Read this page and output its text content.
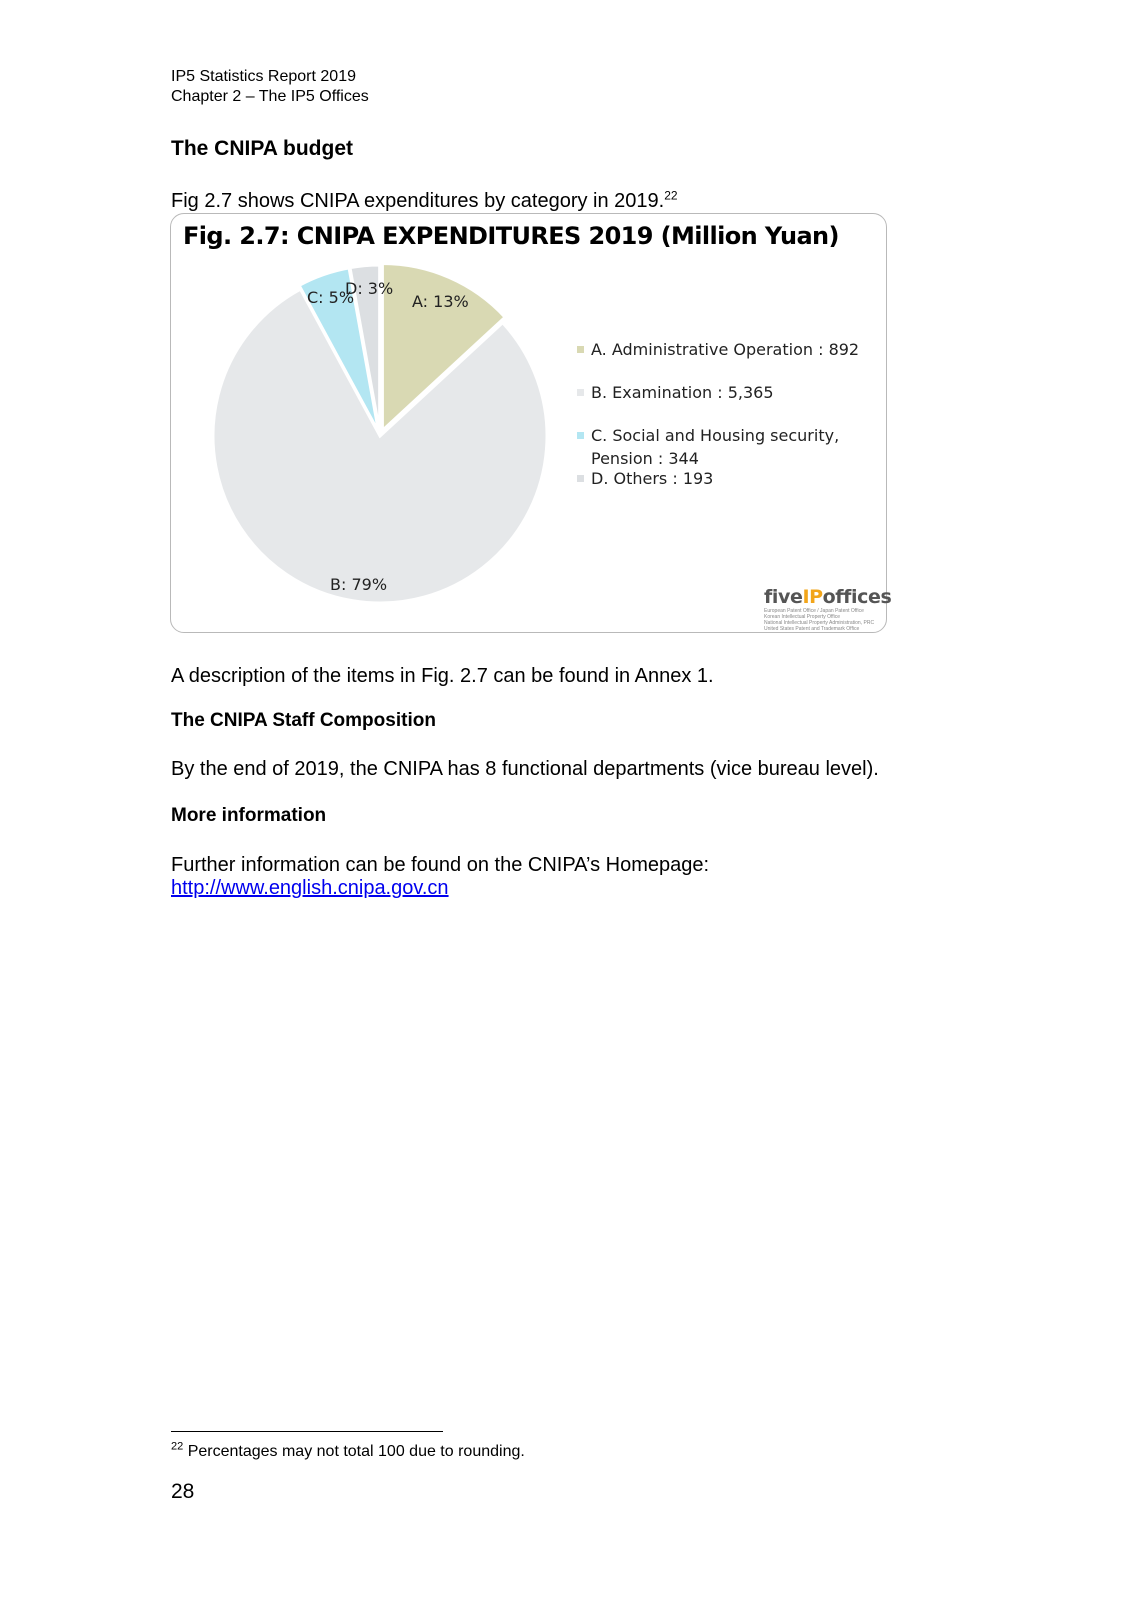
IP5 Statistics Report 2019
Chapter 2 – The IP5 Offices
The CNIPA budget
Fig 2.7 shows CNIPA expenditures by category in 2019.22
Fig. 2.7: CNIPA EXPENDITURES 2019 (Million Yuan)
A: 13%
B: 79%
C: 5%
D: 3%
A. Administrative Operation : 892
B. Examination : 5,365
C. Social and Housing security,
Pension : 344
D. Others : 193
fiveIPoffices
European Patent Office / Japan Patent Office
Korean Intellectual Property Office
National Intellectual Property Administration, PRC
United States Patent and Trademark Office
A description of the items in Fig. 2.7 can be found in Annex 1.
The CNIPA Staff Composition
By the end of 2019, the CNIPA has 8 functional departments (vice bureau level).
More information
Further information can be found on the CNIPA’s Homepage:
http://www.english.cnipa.gov.cn
$^{22}$ Percentages may not total 100 due to rounding.
28
